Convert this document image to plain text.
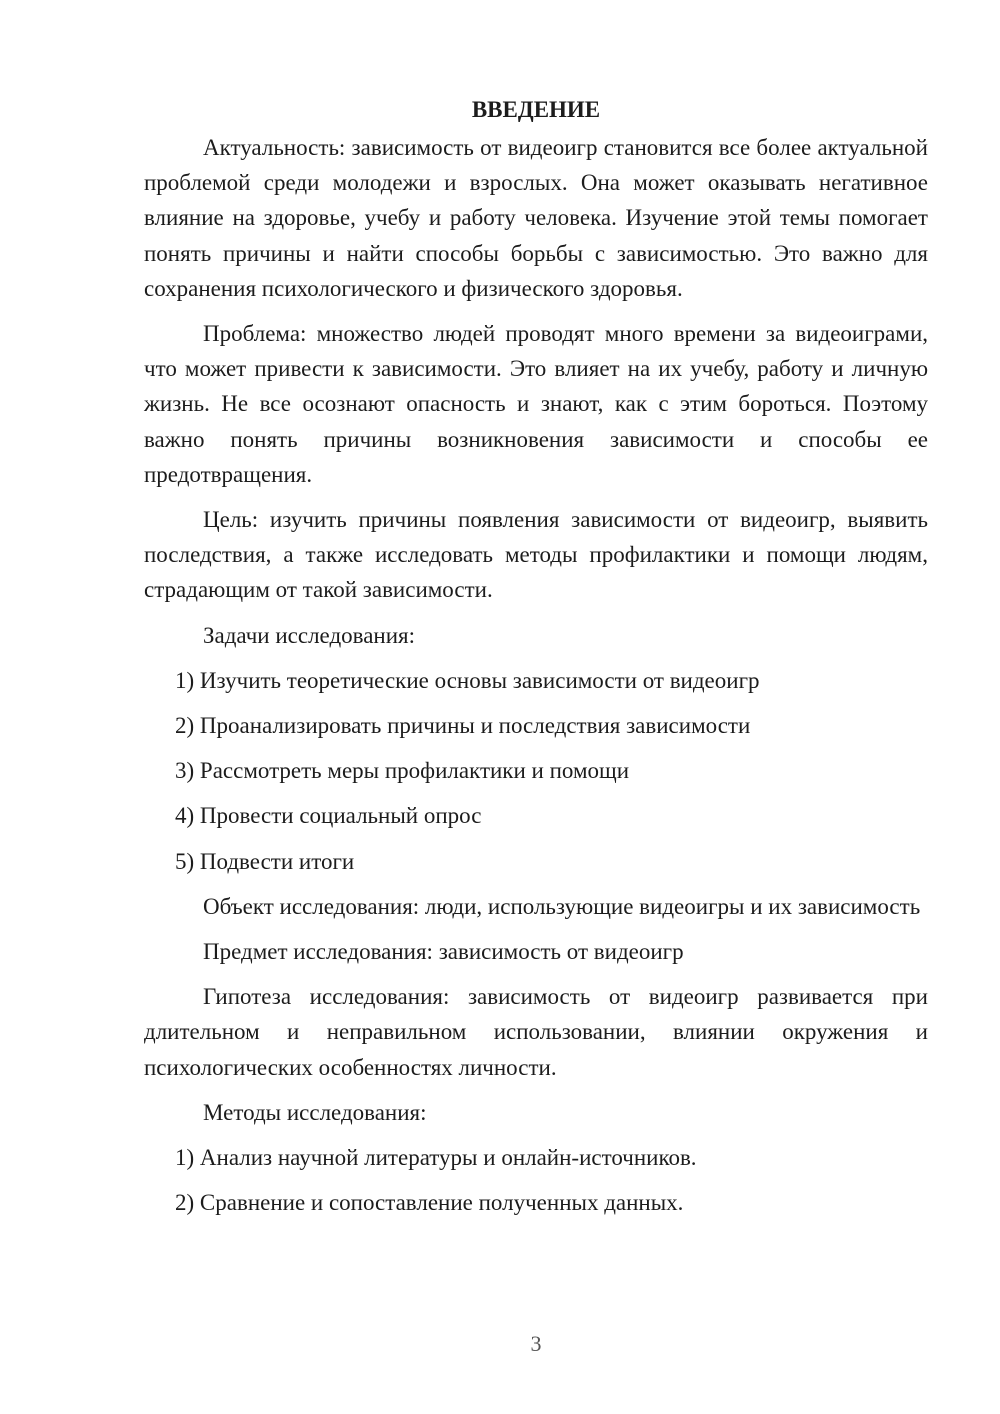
ВВЕДЕНИЕ

Актуальность: зависимость от видеоигр становится все более актуальной проблемой среди молодежи и взрослых. Она может оказывать негативное влияние на здоровье, учебу и работу человека. Изучение этой темы помогает понять причины и найти способы борьбы с зависимостью. Это важно для сохранения психологического и физического здоровья.

Проблема: множество людей проводят много времени за видеоиграми, что может привести к зависимости. Это влияет на их учебу, работу и личную жизнь. Не все осознают опасность и знают, как с этим бороться. Поэтому важно понять причины возникновения зависимости и способы ее предотвращения.

Цель: изучить причины появления зависимости от видеоигр, выявить последствия, а также исследовать методы профилактики и помощи людям, страдающим от такой зависимости.

Задачи исследования:
1) Изучить теоретические основы зависимости от видеоигр
2) Проанализировать причины и последствия зависимости
3) Рассмотреть меры профилактики и помощи
4) Провести социальный опрос
5) Подвести итоги

Объект исследования: люди, использующие видеоигры и их зависимость

Предмет исследования: зависимость от видеоигр

Гипотеза исследования: зависимость от видеоигр развивается при длительном и неправильном использовании, влиянии окружения и психологических особенностях личности.

Методы исследования:
1) Анализ научной литературы и онлайн-источников.
2) Сравнение и сопоставление полученных данных.
3
